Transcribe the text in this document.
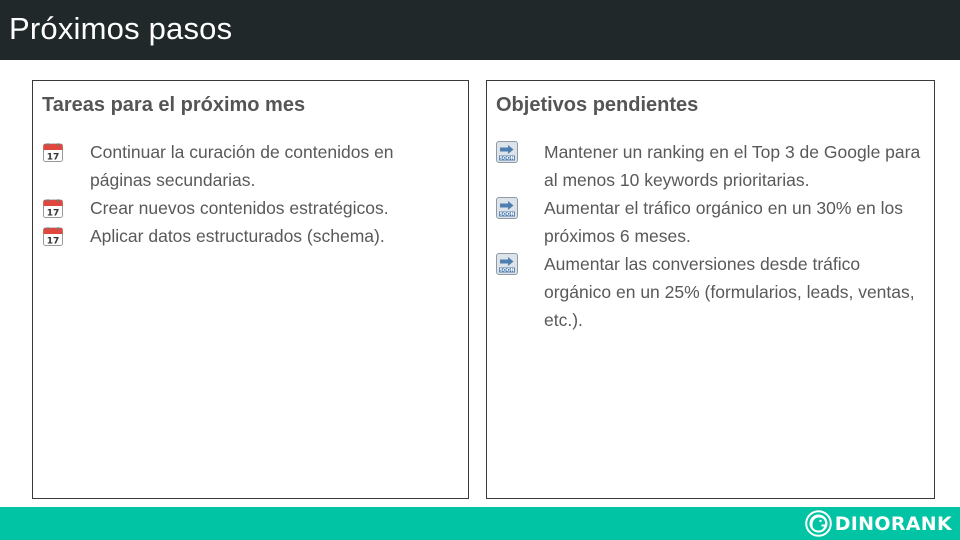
Próximos pasos
Tareas para el próximo mes
17 Continuar la curación de contenidos en páginas secundarias.
17 Crear nuevos contenidos estratégicos.
17 Aplicar datos estructurados (schema).
Objetivos pendientes
SOON Mantener un ranking en el Top 3 de Google para al menos 10 keywords prioritarias.
SOON Aumentar el tráfico orgánico en un 30% en los próximos 6 meses.
SOON Aumentar las conversiones desde tráfico orgánico en un 25% (formularios, leads, ventas, etc.).
DINORANK
